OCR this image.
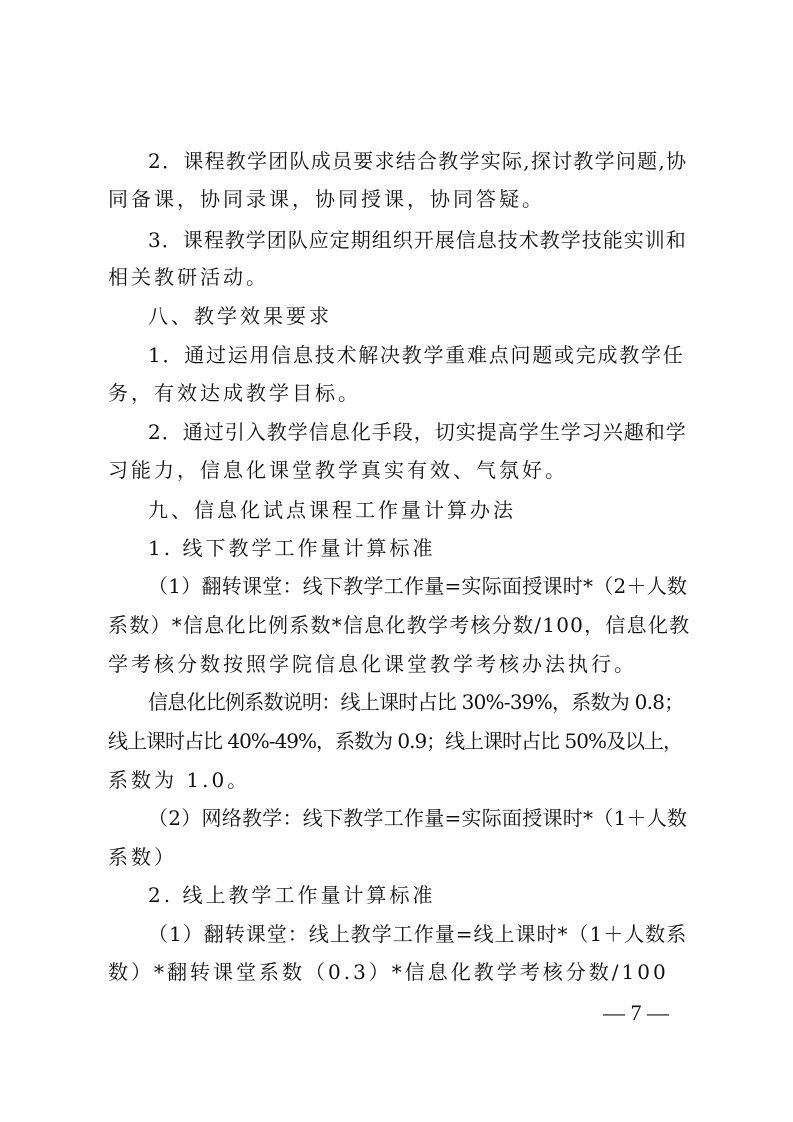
2．课程教学团队成员要求结合教学实际,探讨教学问题,协
同备课，协同录课，协同授课，协同答疑。
3．课程教学团队应定期组织开展信息技术教学技能实训和
相关教研活动。
八、教学效果要求
1．通过运用信息技术解决教学重难点问题或完成教学任
务，有效达成教学目标。
2．通过引入教学信息化手段，切实提高学生学习兴趣和学
习能力，信息化课堂教学真实有效、气氛好。
九、信息化试点课程工作量计算办法
1. 线下教学工作量计算标准
（1）翻转课堂：线下教学工作量=实际面授课时*（2＋人数
系数）*信息化比例系数*信息化教学考核分数/100，信息化教
学考核分数按照学院信息化课堂教学考核办法执行。
信息化比例系数说明：线上课时占比 30%-39%，系数为 0.8；
线上课时占比 40%-49%，系数为 0.9；线上课时占比 50%及以上，
系数为 1.0。
（2）网络教学：线下教学工作量=实际面授课时*（1＋人数
系数）
2. 线上教学工作量计算标准
（1）翻转课堂：线上教学工作量=线上课时*（1＋人数系
数）*翻转课堂系数（0.3）*信息化教学考核分数/100
— 7 —
